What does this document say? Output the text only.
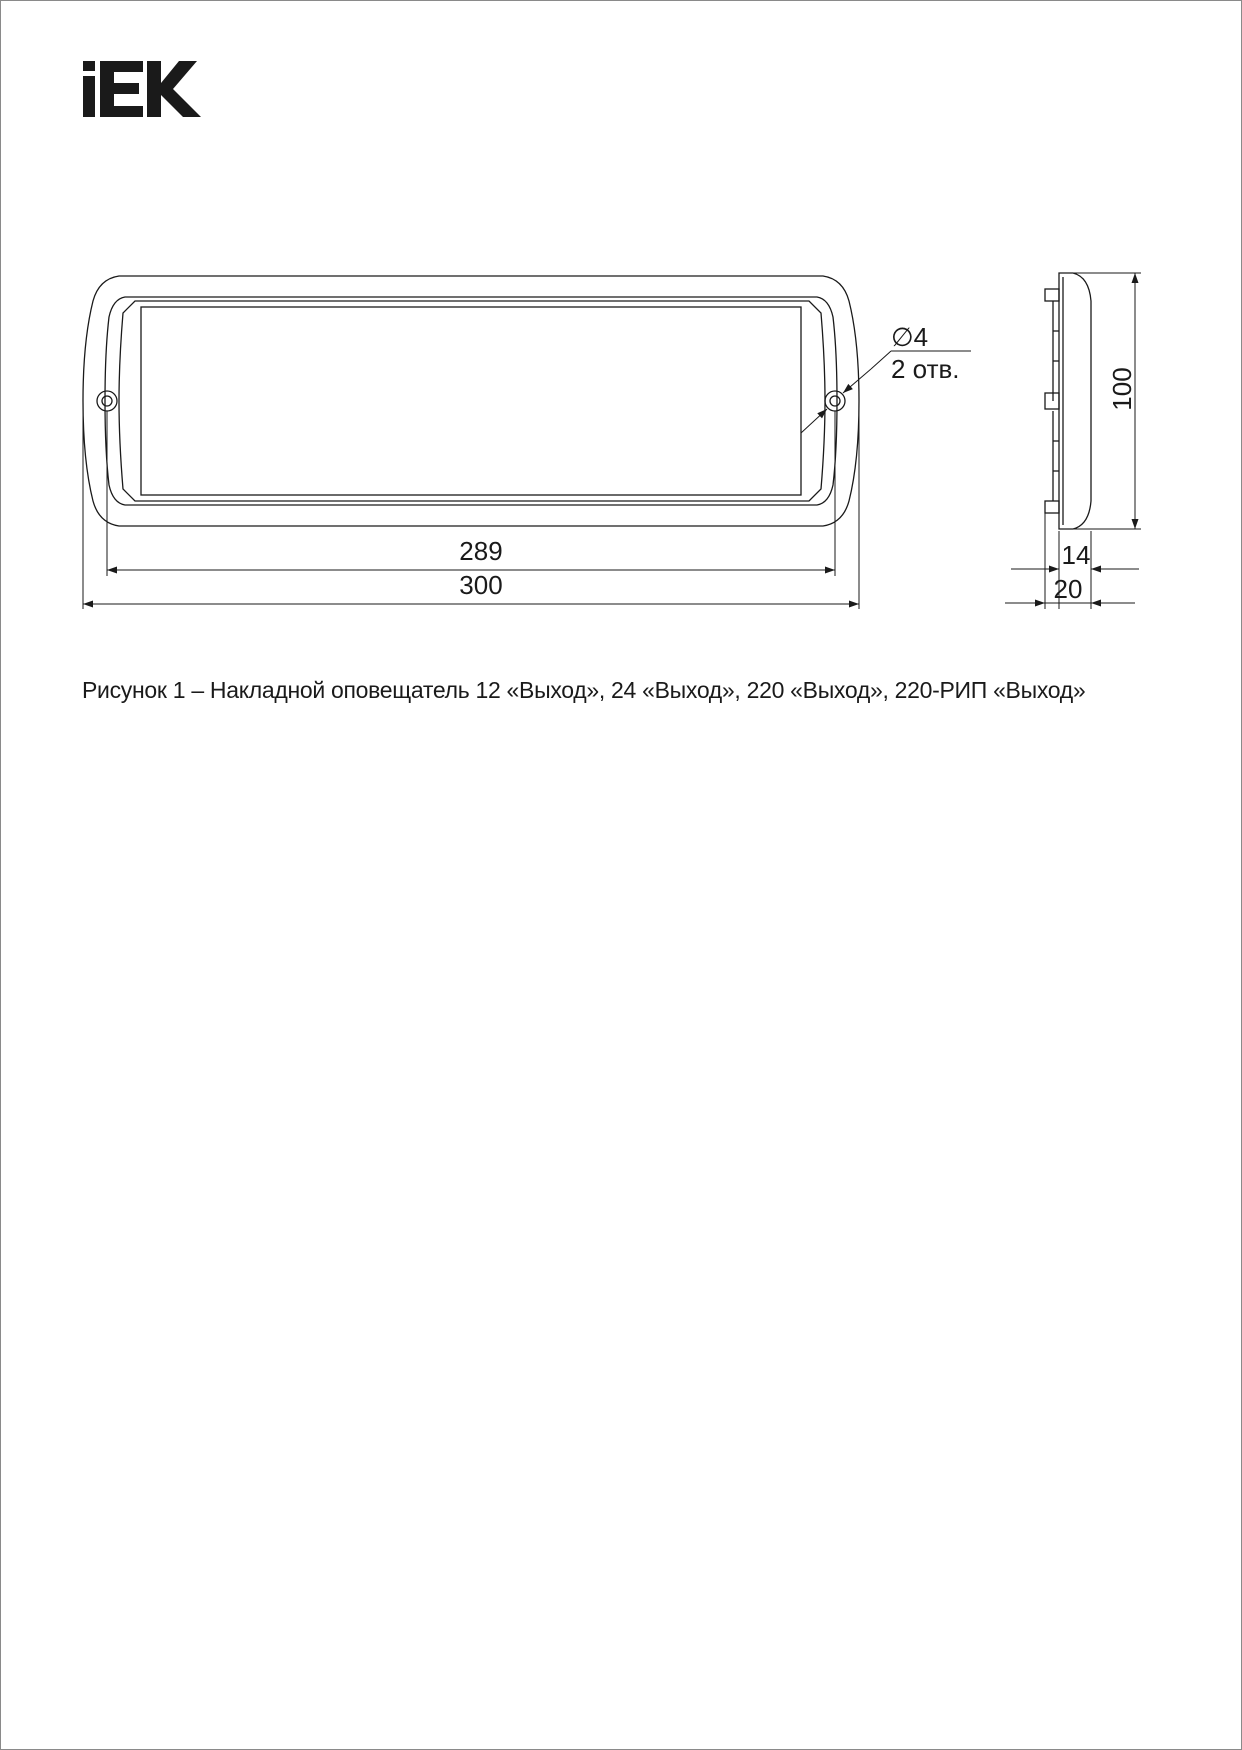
289
300
∅4
2 отв.	100
14
20

Рисунок 1 – Накладной оповещатель 12 «Выход», 24 «Выход», 220 «Выход», 220-РИП «Выход»
